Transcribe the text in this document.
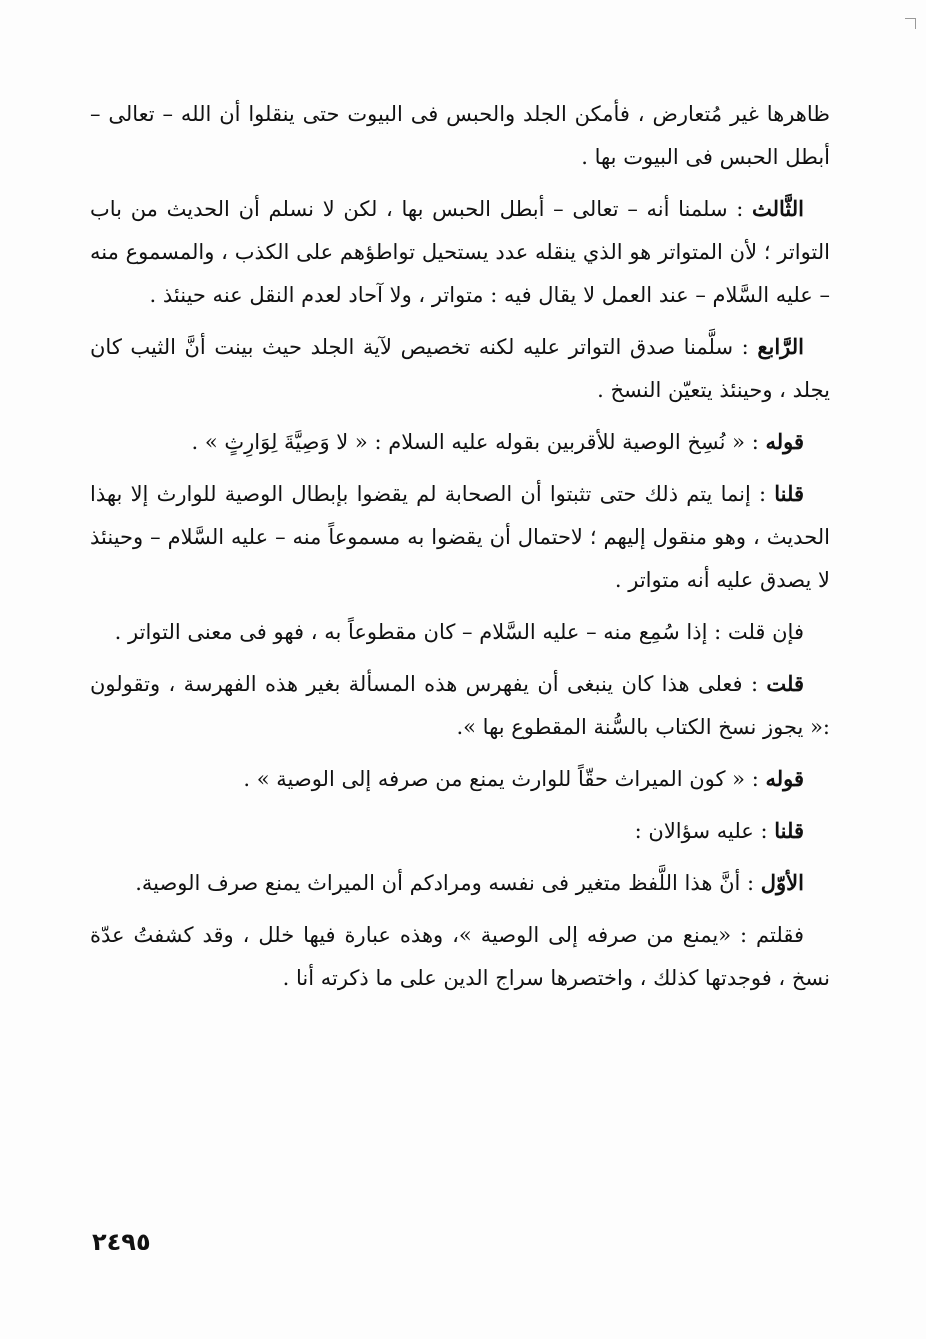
ظاهرها غير مُتعارض ، فأمكن الجلد والحبس فى البيوت حتى ينقلوا أن الله – تعالى – أبطل الحبس فى البيوت بها .

الثَّالث : سلمنا أنه – تعالى – أبطل الحبس بها ، لكن لا نسلم أن الحديث من باب التواتر ؛ لأن المتواتر هو الذي ينقله عدد يستحيل تواطؤهم على الكذب ، والمسموع منه – عليه السَّلام – عند العمل لا يقال فيه : متواتر ، ولا آحاد لعدم النقل عنه حينئذ .

الرَّابع : سلَّمنا صدق التواتر عليه لكنه تخصيص لآية الجلد حيث بينت أنَّ الثيب كان يجلد ، وحينئذ يتعيّن النسخ .

قوله : « نُسِخ الوصية للأقربين بقوله عليه السلام : « لا وَصِيَّةَ لِوَارِثٍ » .

قلنا : إنما يتم ذلك حتى تثبتوا أن الصحابة لم يقضوا بإبطال الوصية للوارث إلا بهذا الحديث ، وهو منقول إليهم ؛ لاحتمال أن يقضوا به مسموعاً منه – عليه السَّلام – وحينئذ لا يصدق عليه أنه متواتر .

فإن قلت : إذا سُمِع منه – عليه السَّلام – كان مقطوعاً به ، فهو فى معنى التواتر .

قلت : فعلى هذا كان ينبغى أن يفهرس هذه المسألة بغير هذه الفهرسة ، وتقولون :« يجوز نسخ الكتاب بالسُّنة المقطوع بها ».

قوله : « كون الميراث حقّاً للوارث يمنع من صرفه إلى الوصية » .

قلنا : عليه سؤالان :

الأوّل : أنَّ هذا اللَّفظ متغير فى نفسه ومرادكم أن الميراث يمنع صرف الوصية.

فقلتم : «يمنع من صرفه إلى الوصية »، وهذه عبارة فيها خلل ، وقد كشفتُ عدّة نسخ ، فوجدتها كذلك ، واختصرها سراج الدين على ما ذكرته أنا .

٢٤٩٥
